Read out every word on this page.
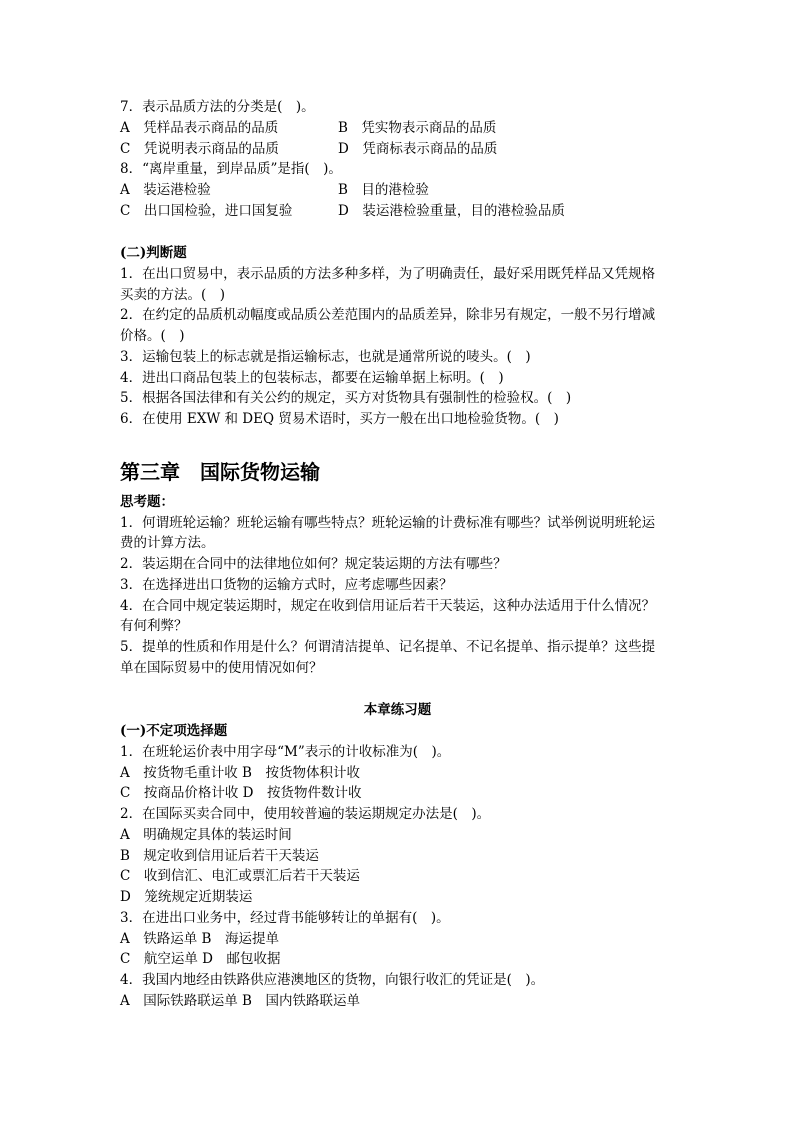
7．表示品质方法的分类是(　)。
A　凭样品表示商品的品质	B　凭实物表示商品的品质
C　凭说明表示商品的品质	D　凭商标表示商品的品质
8．“离岸重量，到岸品质”是指(　)。
A　装运港检验	B　目的港检验
C　出口国检验，进口国复验	D　装运港检验重量，目的港检验品质
(二)判断题
1．在出口贸易中，表示品质的方法多种多样，为了明确责任，最好采用既凭样品又凭规格
买卖的方法。(　)
2．在约定的品质机动幅度或品质公差范围内的品质差异，除非另有规定，一般不另行增减
价格。(　)
3．运输包装上的标志就是指运输标志，也就是通常所说的唛头。(　)
4．进出口商品包装上的包装标志，都要在运输单据上标明。(　)
5．根据各国法律和有关公约的规定，买方对货物具有强制性的检验权。(　)
6．在使用 EXW 和 DEQ 贸易术语时，买方一般在出口地检验货物。(　)
第三章　国际货物运输
思考题：
1．何谓班轮运输？班轮运输有哪些特点？班轮运输的计费标准有哪些？试举例说明班轮运
费的计算方法。
2．装运期在合同中的法律地位如何？规定装运期的方法有哪些？
3．在选择进出口货物的运输方式时，应考虑哪些因素？
4．在合同中规定装运期时，规定在收到信用证后若干天装运，这种办法适用于什么情况？
有何利弊？
5．提单的性质和作用是什么？何谓清洁提单、记名提单、不记名提单、指示提单？这些提
单在国际贸易中的使用情况如何？
本章练习题
(一)不定项选择题
1．在班轮运价表中用字母“M”表示的计收标准为(　)。
A　按货物毛重计收 B　按货物体积计收
C　按商品价格计收 D　按货物件数计收
2．在国际买卖合同中，使用较普遍的装运期规定办法是(　)。
A　明确规定具体的装运时间
B　规定收到信用证后若干天装运
C　收到信汇、电汇或票汇后若干天装运
D　笼统规定近期装运
3．在进出口业务中，经过背书能够转让的单据有(　)。
A　铁路运单 B　海运提单
C　航空运单 D　邮包收据
4．我国内地经由铁路供应港澳地区的货物，向银行收汇的凭证是(　)。
A　国际铁路联运单 B　国内铁路联运单
